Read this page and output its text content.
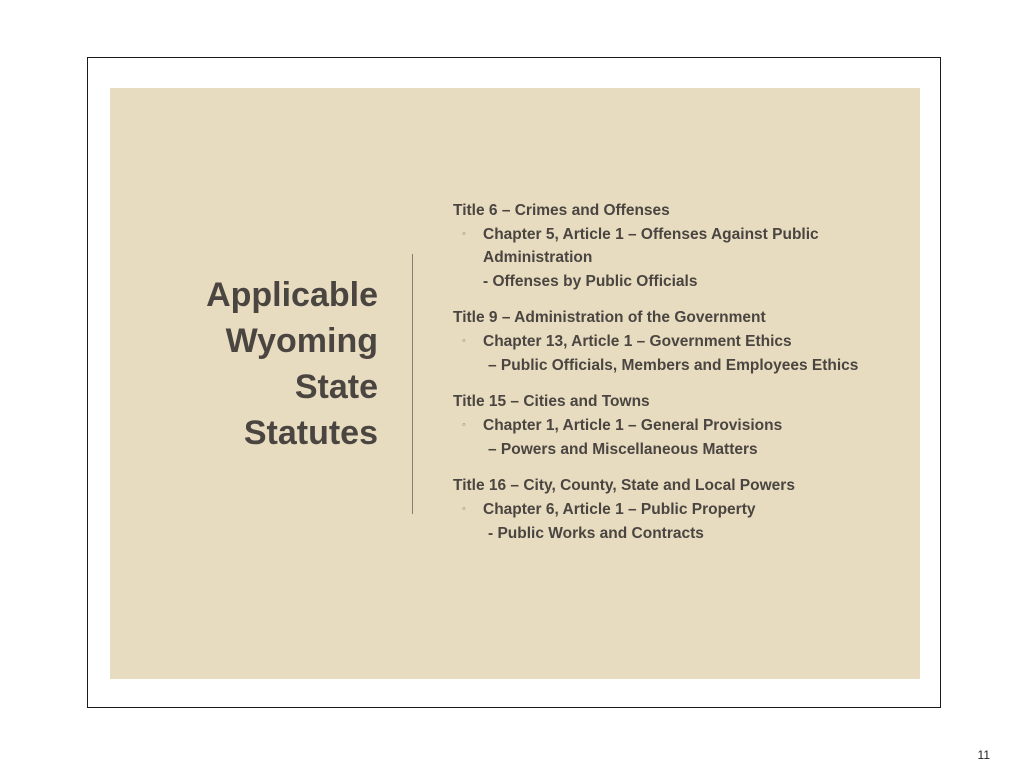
Applicable
Wyoming
State
Statutes

Title 6 – Crimes and Offenses

◦ Chapter 5, Article 1 – Offenses Against Public
Administration
- Offenses by Public Officials

Title 9 – Administration of the Government

◦ Chapter 13, Article 1 – Government Ethics
– Public Officials, Members and Employees Ethics

Title 15 – Cities and Towns

◦ Chapter 1, Article 1 – General Provisions
– Powers and Miscellaneous Matters

Title 16 – City, County, State and Local Powers

◦ Chapter 6, Article 1 – Public Property
- Public Works and Contracts
11
